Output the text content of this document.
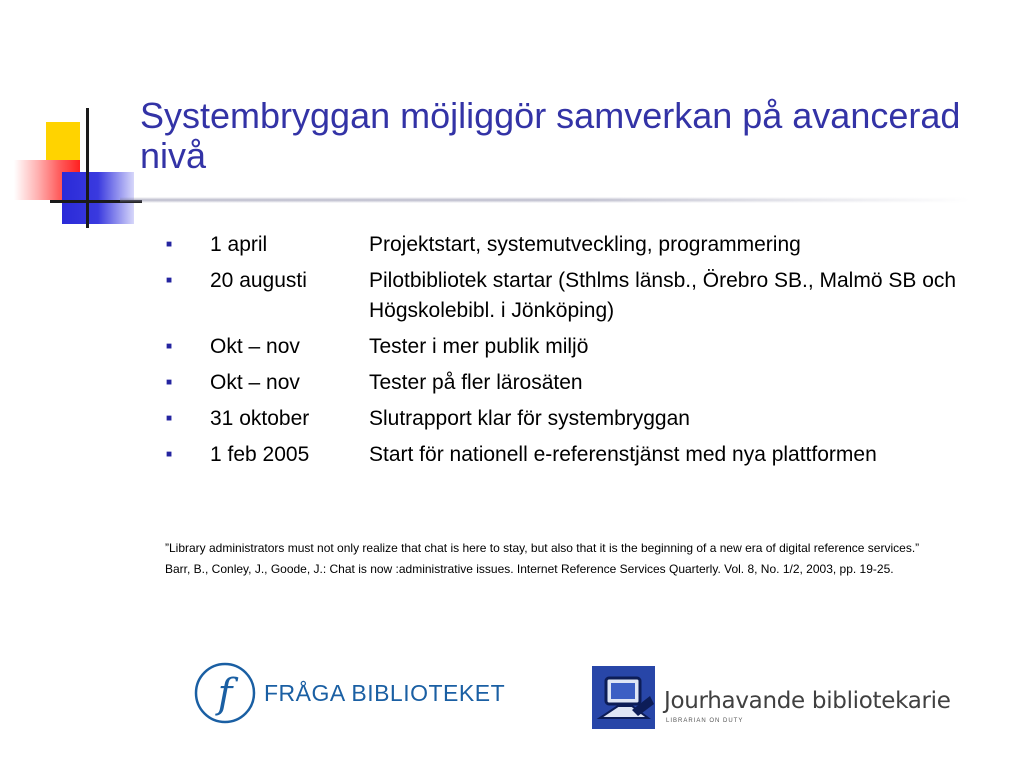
Systembryggan möjliggör samverkan på avancerad nivå
■	1 april	Projektstart, systemutveckling, programmering
■	20 augusti	Pilotbibliotek startar (Sthlms länsb., Örebro SB., Malmö SB och Högskolebibl. i Jönköping)
■	Okt – nov	Tester i mer publik miljö
■	Okt – nov	Tester på fler lärosäten
■	31 oktober	Slutrapport klar för systembryggan
■	1 feb 2005	Start för nationell e-referenstjänst med nya plattformen

”Library administrators must not only realize that chat is here to stay, but also that it is the beginning of a new era of digital reference services.”

Barr, B., Conley, J., Goode, J.: Chat is now :administrative issues. Internet Reference Services Quarterly. Vol. 8, No. 1/2, 2003, pp. 19-25.

f FRÅGA BIBLIOTEKET	Jourhavande bibliotekarie
LIBRARIAN ON DUTY
